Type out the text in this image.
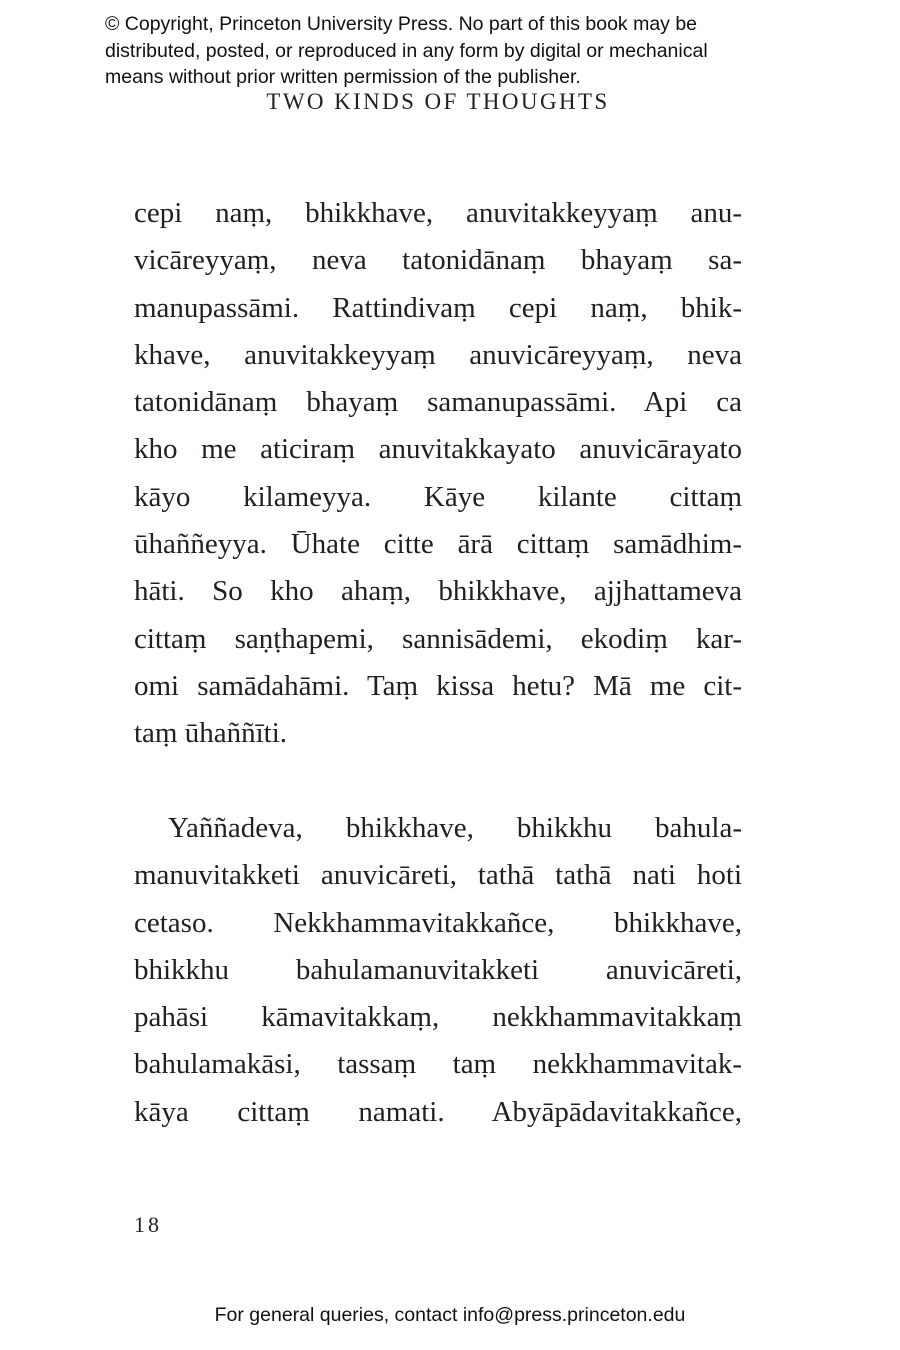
© Copyright, Princeton University Press. No part of this book may be
distributed, posted, or reproduced in any form by digital or mechanical
means without prior written permission of the publisher.
TWO KINDS OF THOUGHTS
cepi naṃ, bhikkhave, anuvitakkeyyaṃ anu-
vicāreyyaṃ, neva tatonidānaṃ bhayaṃ sa-
manupassāmi. Rattindivaṃ cepi naṃ, bhik-
khave, anuvitakkeyyaṃ anuvicāreyyaṃ, neva
tatonidānaṃ bhayaṃ samanupassāmi. Api ca
kho me aticiraṃ anuvitakkayato anuvicārayato
kāyo kilameyya. Kāye kilante cittaṃ
ūhaññeyya. Ūhate citte ārā cittaṃ samādhim-
hāti. So kho ahaṃ, bhikkhave, ajjhattameva
cittaṃ saṇṭhapemi, sannisādemi, ekodiṃ kar-
omi samādahāmi. Taṃ kissa hetu? Mā me cit-
taṃ ūhaññīti.
Yaññadeva, bhikkhave, bhikkhu bahula-
manuvitakketi anuvicāreti, tathā tathā nati hoti
cetaso. Nekkhammavitakkañce, bhikkhave,
bhikkhu bahulamanuvitakketi anuvicāreti,
pahāsi kāmavitakkaṃ, nekkhammavitakkaṃ
bahulamakāsi, tassaṃ taṃ nekkhammavitak-
kāya cittaṃ namati. Abyāpādavitakkañce,
18
For general queries, contact info@press.princeton.edu
